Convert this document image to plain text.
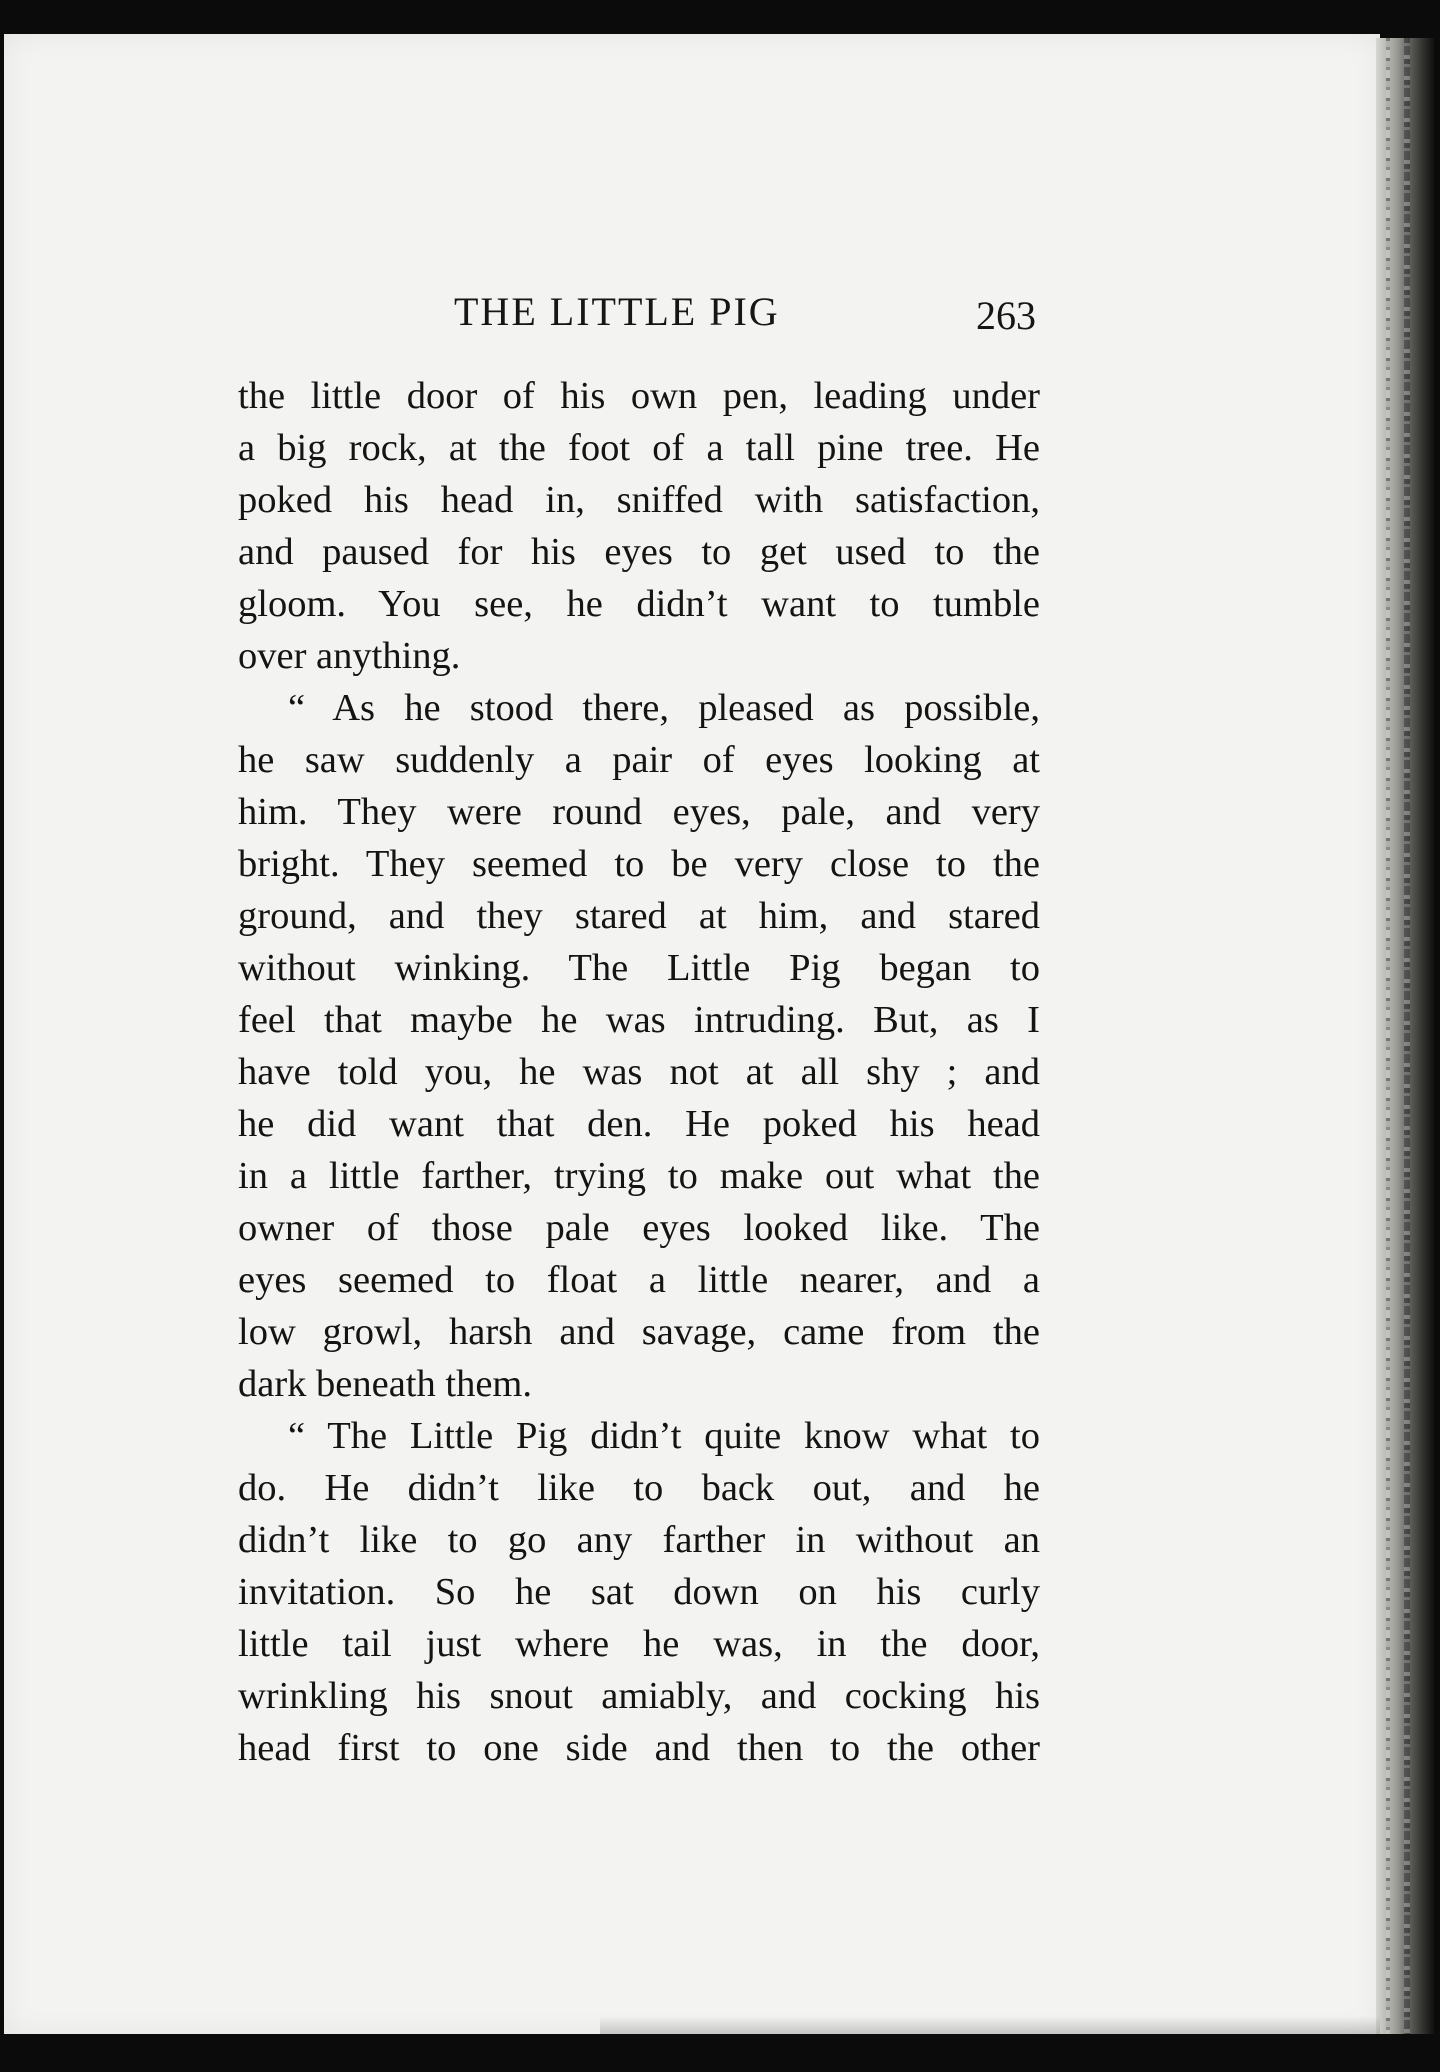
THE LITTLE PIG	263
the little door of his own pen, leading under
a big rock, at the foot of a tall pine tree. He
poked his head in, sniffed with satisfaction,
and paused for his eyes to get used to the
gloom. You see, he didn’t want to tumble
over anything.
“ As he stood there, pleased as possible,
he saw suddenly a pair of eyes looking at
him. They were round eyes, pale, and very
bright. They seemed to be very close to the
ground, and they stared at him, and stared
without winking. The Little Pig began to
feel that maybe he was intruding. But, as I
have told you, he was not at all shy ; and
he did want that den. He poked his head
in a little farther, trying to make out what the
owner of those pale eyes looked like. The
eyes seemed to float a little nearer, and a
low growl, harsh and savage, came from the
dark beneath them.
“ The Little Pig didn’t quite know what to
do. He didn’t like to back out, and he
didn’t like to go any farther in without an
invitation. So he sat down on his curly
little tail just where he was, in the door,
wrinkling his snout amiably, and cocking his
head first to one side and then to the other
